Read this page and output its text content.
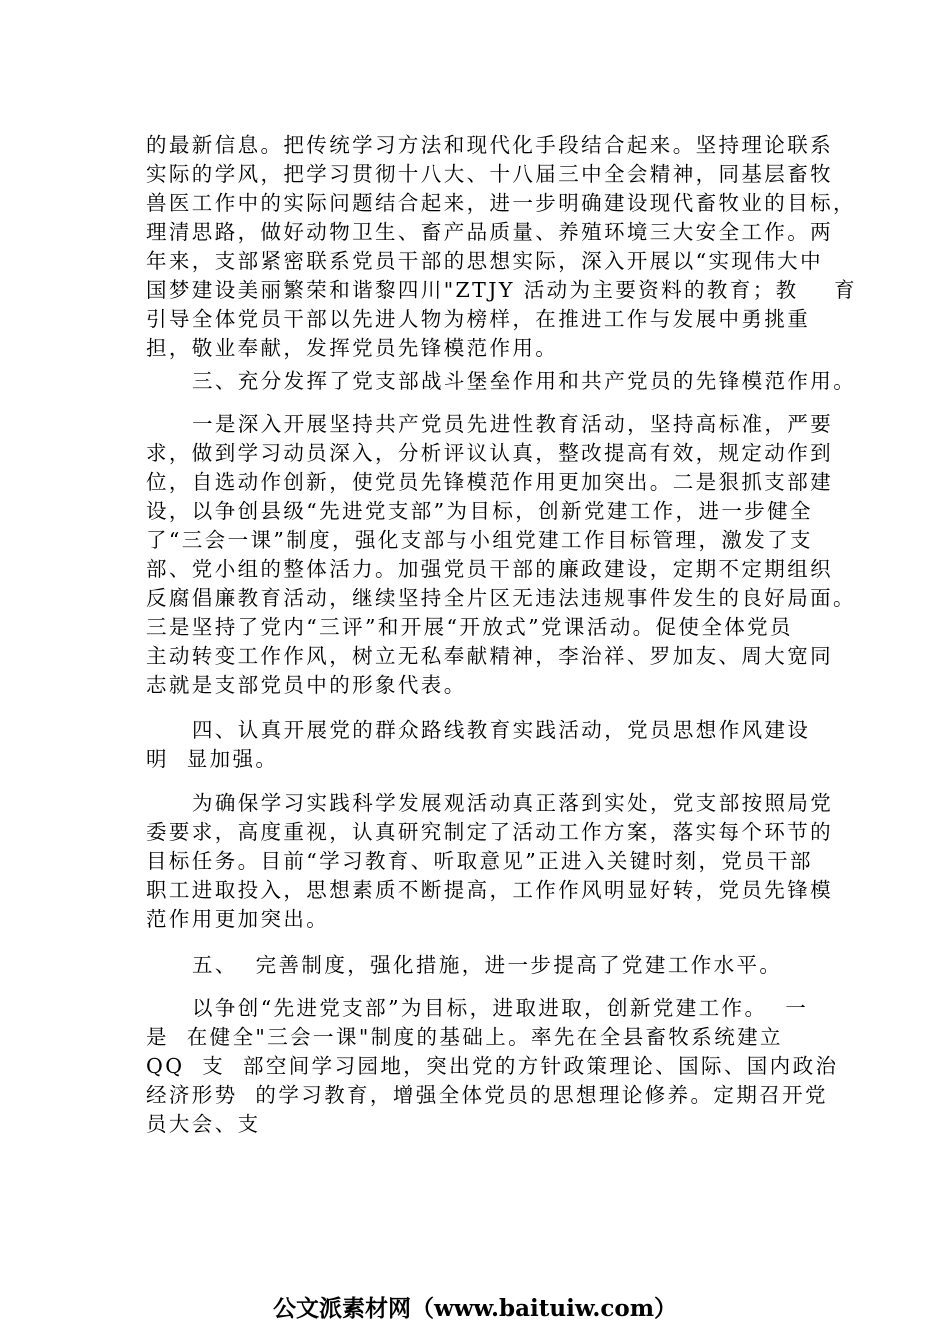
的最新信息。把传统学习方法和现代化手段结合起来。坚持理论联系
实际的学风，把学习贯彻十八大、十八届三中全会精神，同基层畜牧
兽医工作中的实际问题结合起来，进一步明确建设现代畜牧业的目标，
理清思路，做好动物卫生、畜产品质量、养殖环境三大安全工作。两
年来，支部紧密联系党员干部的思想实际，深入开展以“实现伟大中
国梦建设美丽繁荣和谐黎四川"ZTJY 活动为主要资料的教育；教    育
引导全体党员干部以先进人物为榜样，在推进工作与发展中勇挑重
担，敬业奉献，发挥党员先锋模范作用。
三、充分发挥了党支部战斗堡垒作用和共产党员的先锋模范作用。
一是深入开展坚持共产党员先进性教育活动，坚持高标准，严要
求，做到学习动员深入，分析评议认真，整改提高有效，规定动作到
位，自选动作创新，使党员先锋模范作用更加突出。二是狠抓支部建
设，以争创县级“先进党支部”为目标，创新党建工作，进一步健全
了“三会一课”制度，强化支部与小组党建工作目标管理，激发了支
部、党小组的整体活力。加强党员干部的廉政建设，定期不定期组织
反腐倡廉教育活动，继续坚持全片区无违法违规事件发生的良好局面。
三是坚持了党内“三评”和开展“开放式”党课活动。促使全体党员
主动转变工作作风，树立无私奉献精神，李治祥、罗加友、周大宽同
志就是支部党员中的形象代表。
四、认真开展党的群众路线教育实践活动，党员思想作风建设
明  显加强。
为确保学习实践科学发展观活动真正落到实处，党支部按照局党
委要求，高度重视，认真研究制定了活动工作方案，落实每个环节的
目标任务。目前“学习教育、听取意见”正进入关键时刻，党员干部
职工进取投入，思想素质不断提高，工作作风明显好转，党员先锋模
范作用更加突出。
五、  完善制度，强化措施，进一步提高了党建工作水平。
以争创“先进党支部”为目标，进取进取，创新党建工作。  一
是  在健全"三会一课"制度的基础上。率先在全县畜牧系统建立
QQ  支  部空间学习园地，突出党的方针政策理论、国际、国内政治
经济形势  的学习教育，增强全体党员的思想理论修养。定期召开党
员大会、支
公文派素材网（www.baituiw.com）
